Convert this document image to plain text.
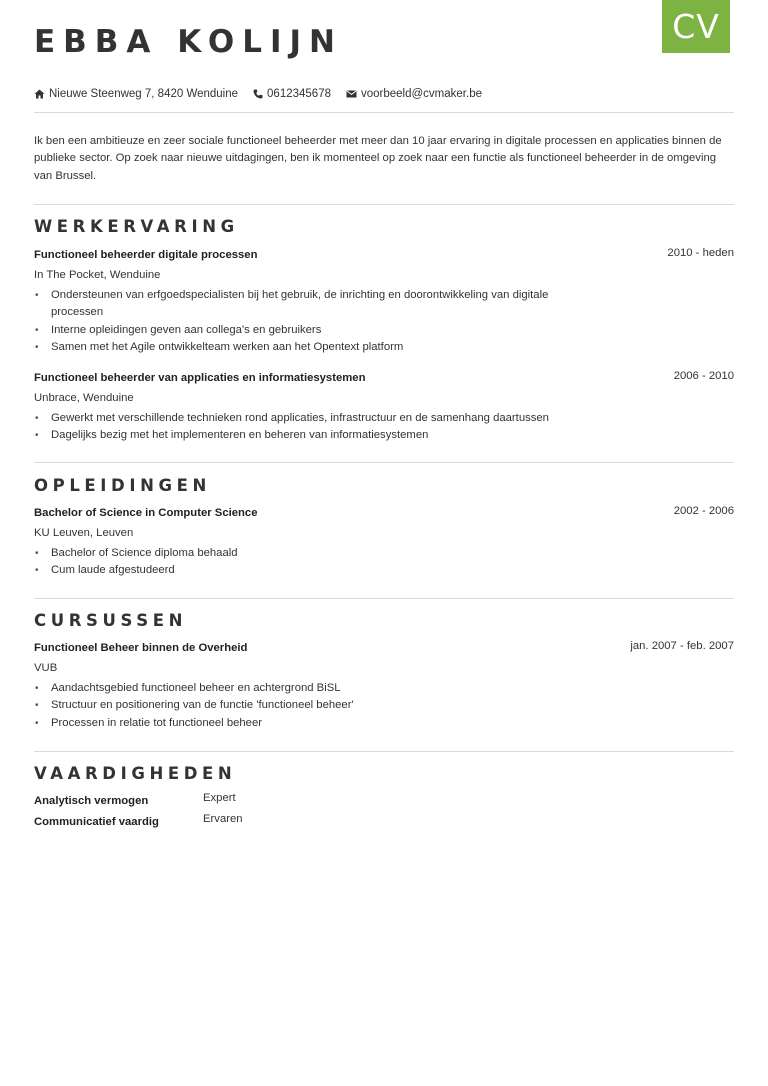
CV
EBBA KOLIJN
Nieuwe Steenweg 7, 8420 Wenduine	0612345678	voorbeeld@cvmaker.be

Ik ben een ambitieuze en zeer sociale functioneel beheerder met meer dan 10 jaar ervaring in digitale processen en applicaties binnen de publieke sector. Op zoek naar nieuwe uitdagingen, ben ik momenteel op zoek naar een functie als functioneel beheerder in de omgeving van Brussel.

WERKERVARING
Functioneel beheerder digitale processen	2010 - heden
In The Pocket, Wenduine
• Ondersteunen van erfgoedspecialisten bij het gebruik, de inrichting en doorontwikkeling van digitale processen
• Interne opleidingen geven aan collega's en gebruikers
• Samen met het Agile ontwikkelteam werken aan het Opentext platform
Functioneel beheerder van applicaties en informatiesystemen	2006 - 2010
Unbrace, Wenduine
• Gewerkt met verschillende technieken rond applicaties, infrastructuur en de samenhang daartussen
• Dagelijks bezig met het implementeren en beheren van informatiesystemen
OPLEIDINGEN
Bachelor of Science in Computer Science	2002 - 2006
KU Leuven, Leuven
• Bachelor of Science diploma behaald
• Cum laude afgestudeerd
CURSUSSEN
Functioneel Beheer binnen de Overheid	jan. 2007 - feb. 2007
VUB
• Aandachtsgebied functioneel beheer en achtergrond BiSL
• Structuur en positionering van de functie 'functioneel beheer'
• Processen in relatie tot functioneel beheer
VAARDIGHEDEN
Analytisch vermogen	Expert
Communicatief vaardig	Ervaren
